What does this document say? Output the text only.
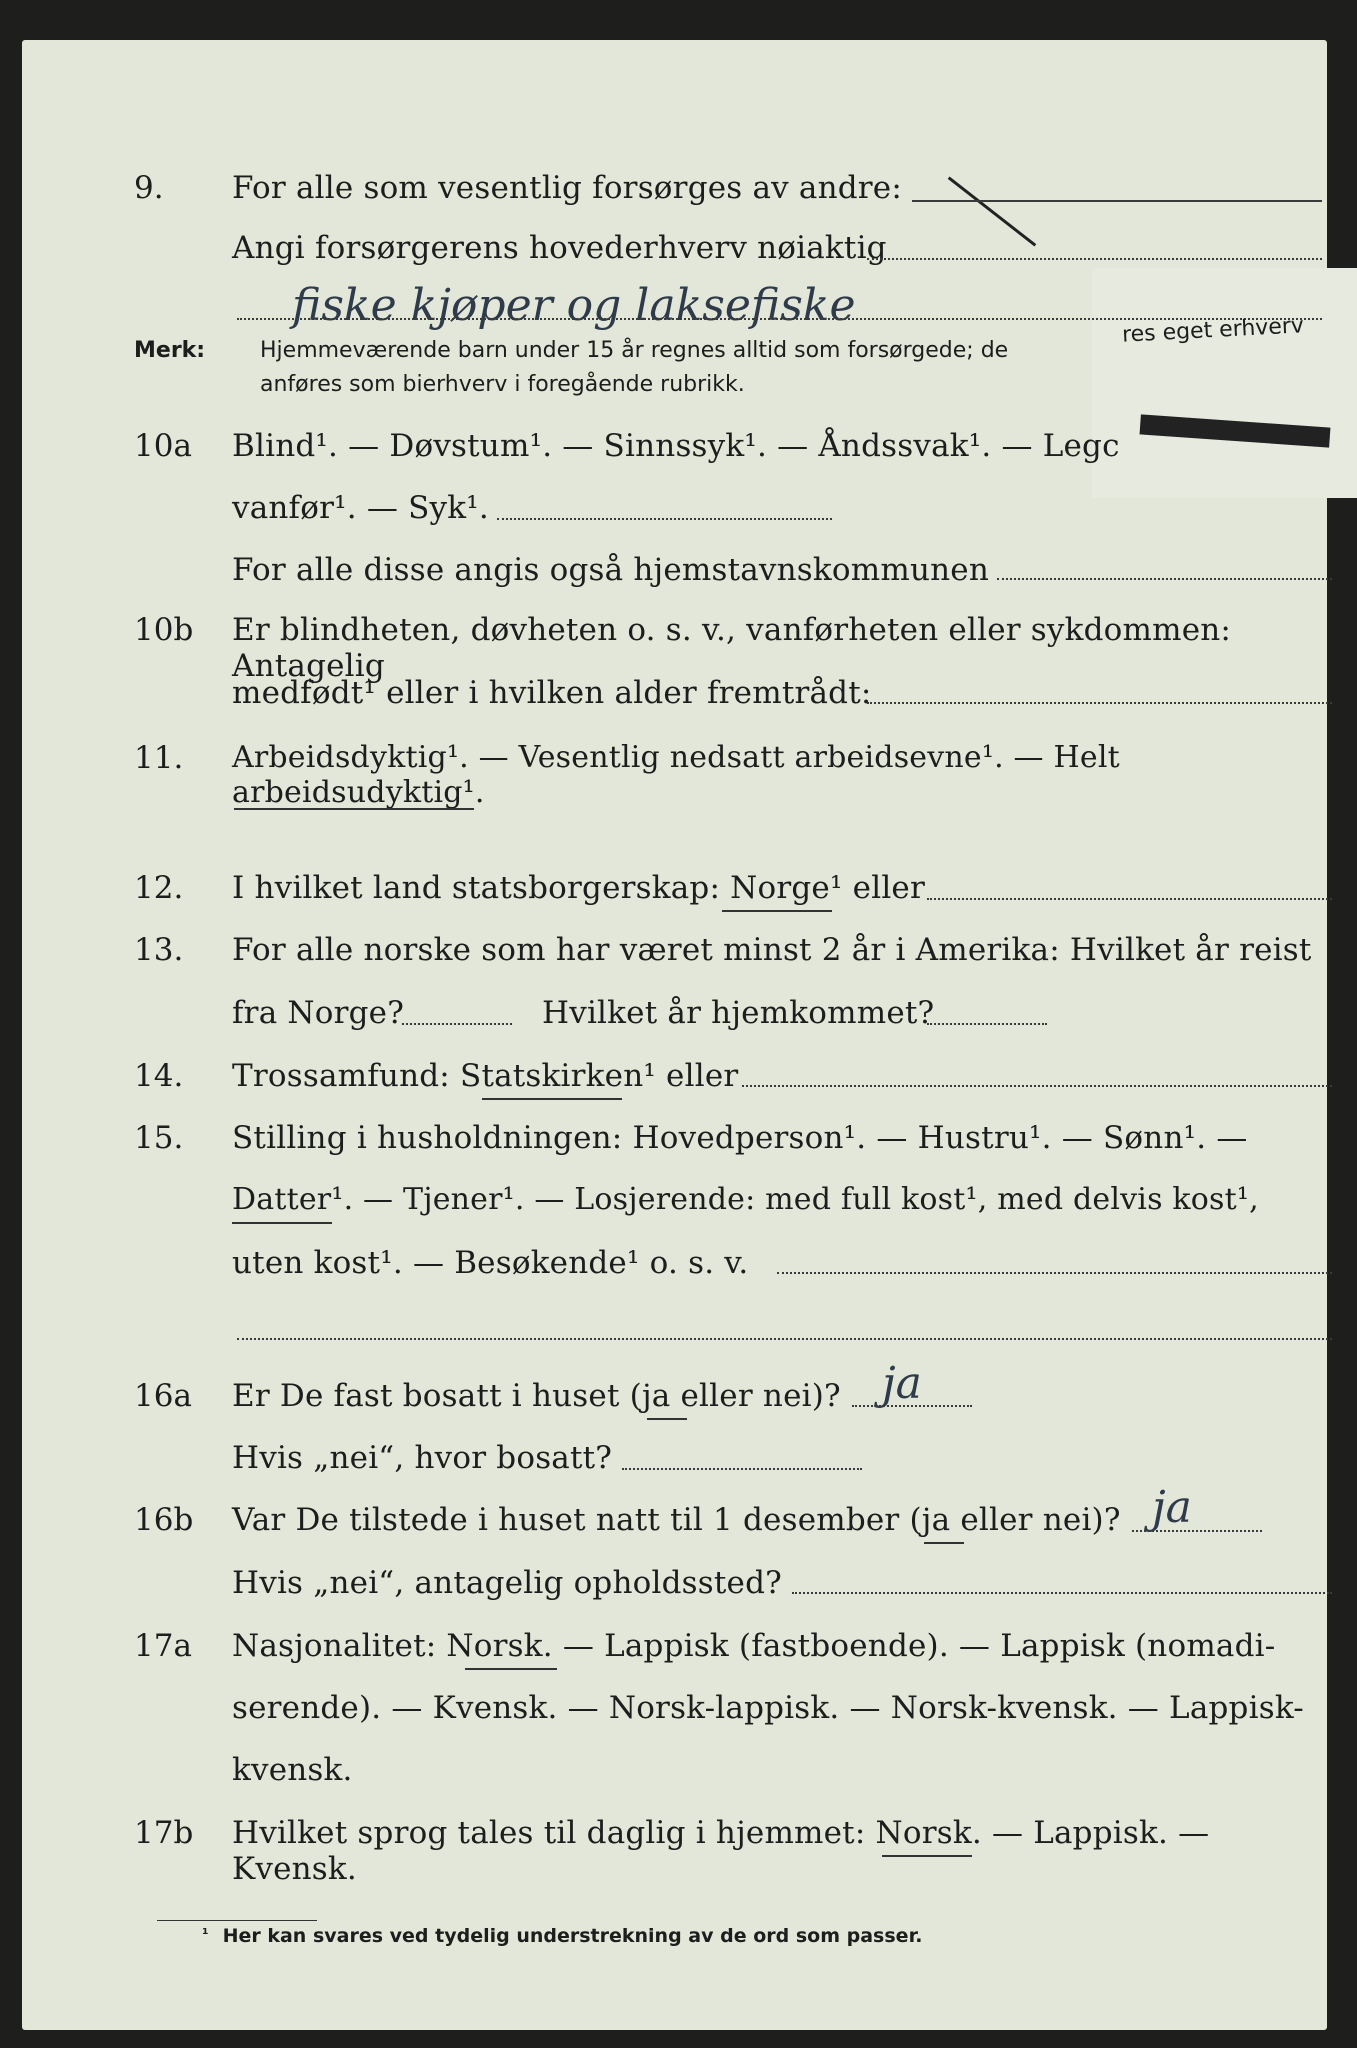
9. For alle som vesentlig forsørges av andre:
Angi forsørgerens hovederhverv nøiaktig
fiske kjøper og laksefiske
Merk: Hjemmeværende barn under 15 år regnes alltid som forsørgede; de
res eget erhverv
anføres som bierhverv i foregående rubrikk.
10a Blind¹. — Døvstum¹. — Sinnssyk¹. — Åndssvak¹. — Legc
vanfør¹. — Syk¹.
For alle disse angis også hjemstavnskommunen
10b Er blindheten, døvheten o. s. v., vanførheten eller sykdommen: Antagelig
medfødt¹ eller i hvilken alder fremtrådt:
11. Arbeidsdyktig¹. — Vesentlig nedsatt arbeidsevne¹. — Helt arbeidsudyktig¹.
12. I hvilket land statsborgerskap: Norge¹ eller
13. For alle norske som har været minst 2 år i Amerika: Hvilket år reist
fra Norge?	Hvilket år hjemkommet?
14. Trossamfund: Statskirken¹ eller
15. Stilling i husholdningen: Hovedperson¹. — Hustru¹. — Sønn¹. —
Datter¹. — Tjener¹. — Losjerende: med full kost¹, med delvis kost¹,
uten kost¹. — Besøkende¹ o. s. v.
16a Er De fast bosatt i huset (ja eller nei)? ja
Hvis „nei“, hvor bosatt?
16b Var De tilstede i huset natt til 1 desember (ja eller nei)? ja
Hvis „nei“, antagelig opholdssted?
17a Nasjonalitet: Norsk. — Lappisk (fastboende). — Lappisk (nomadi-
serende). — Kvensk. — Norsk-lappisk. — Norsk-kvensk. — Lappisk-
kvensk.
17b Hvilket sprog tales til daglig i hjemmet: Norsk. — Lappisk. — Kvensk.
$^{^1}$ Her kan svares ved tydelig understrekning av de ord som passer.
